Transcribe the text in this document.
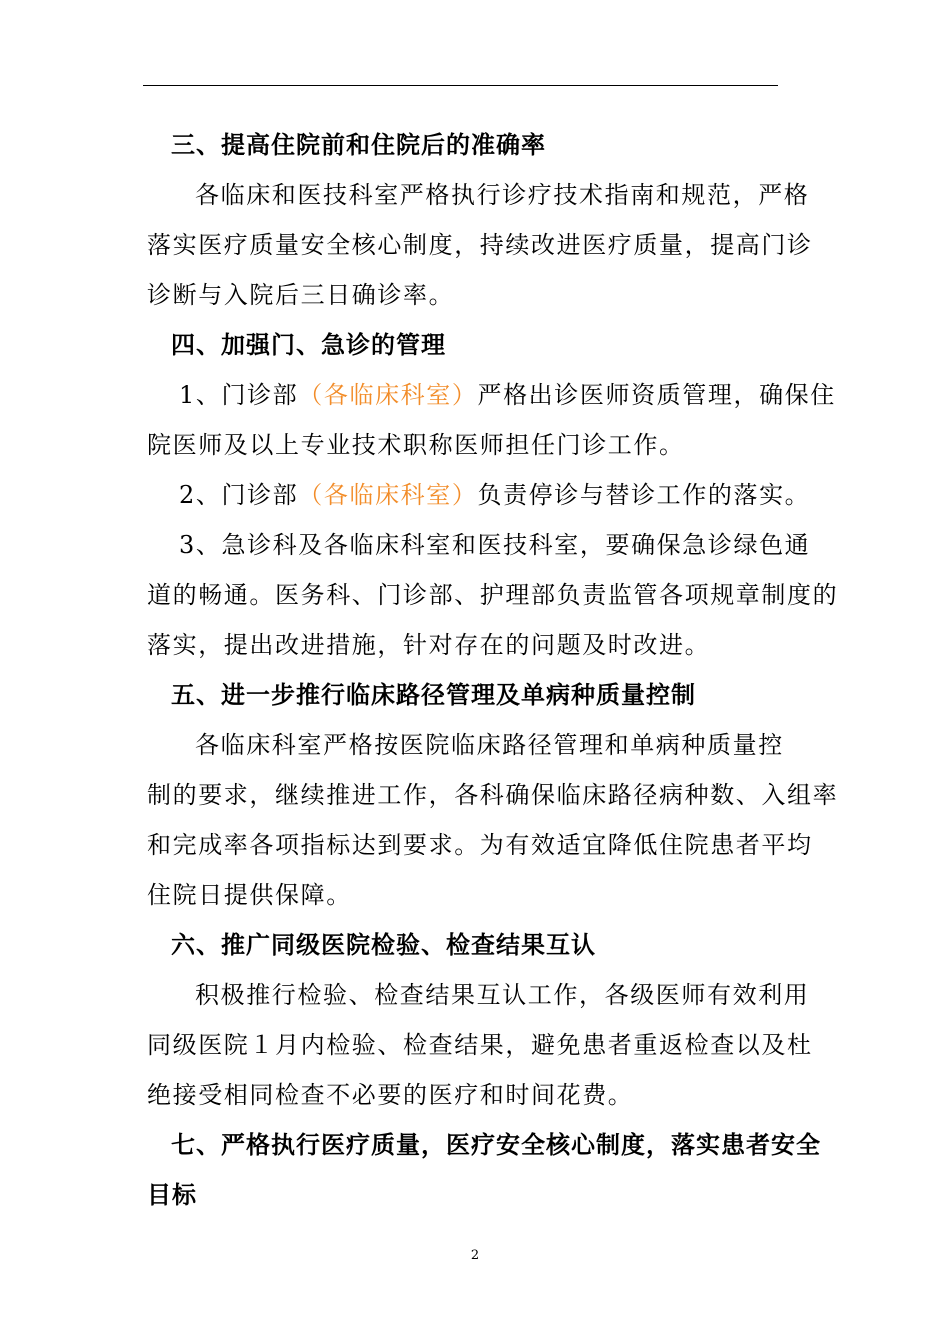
三、提高住院前和住院后的准确率
各临床和医技科室严格执行诊疗技术指南和规范，严格
落实医疗质量安全核心制度，持续改进医疗质量，提高门诊
诊断与入院后三日确诊率。
四、加强门、急诊的管理
1、门诊部（各临床科室）严格出诊医师资质管理，确保住
院医师及以上专业技术职称医师担任门诊工作。
2、门诊部（各临床科室）负责停诊与替诊工作的落实。
3、急诊科及各临床科室和医技科室，要确保急诊绿色通
道的畅通。医务科、门诊部、护理部负责监管各项规章制度的
落实，提出改进措施，针对存在的问题及时改进。
五、进一步推行临床路径管理及单病种质量控制
各临床科室严格按医院临床路径管理和单病种质量控
制的要求，继续推进工作，各科确保临床路径病种数、入组率
和完成率各项指标达到要求。为有效适宜降低住院患者平均
住院日提供保障。
六、推广同级医院检验、检查结果互认
积极推行检验、检查结果互认工作，各级医师有效利用
同级医院１月内检验、检查结果，避免患者重返检查以及杜
绝接受相同检查不必要的医疗和时间花费。
七、严格执行医疗质量，医疗安全核心制度，落实患者安全
目标
2
